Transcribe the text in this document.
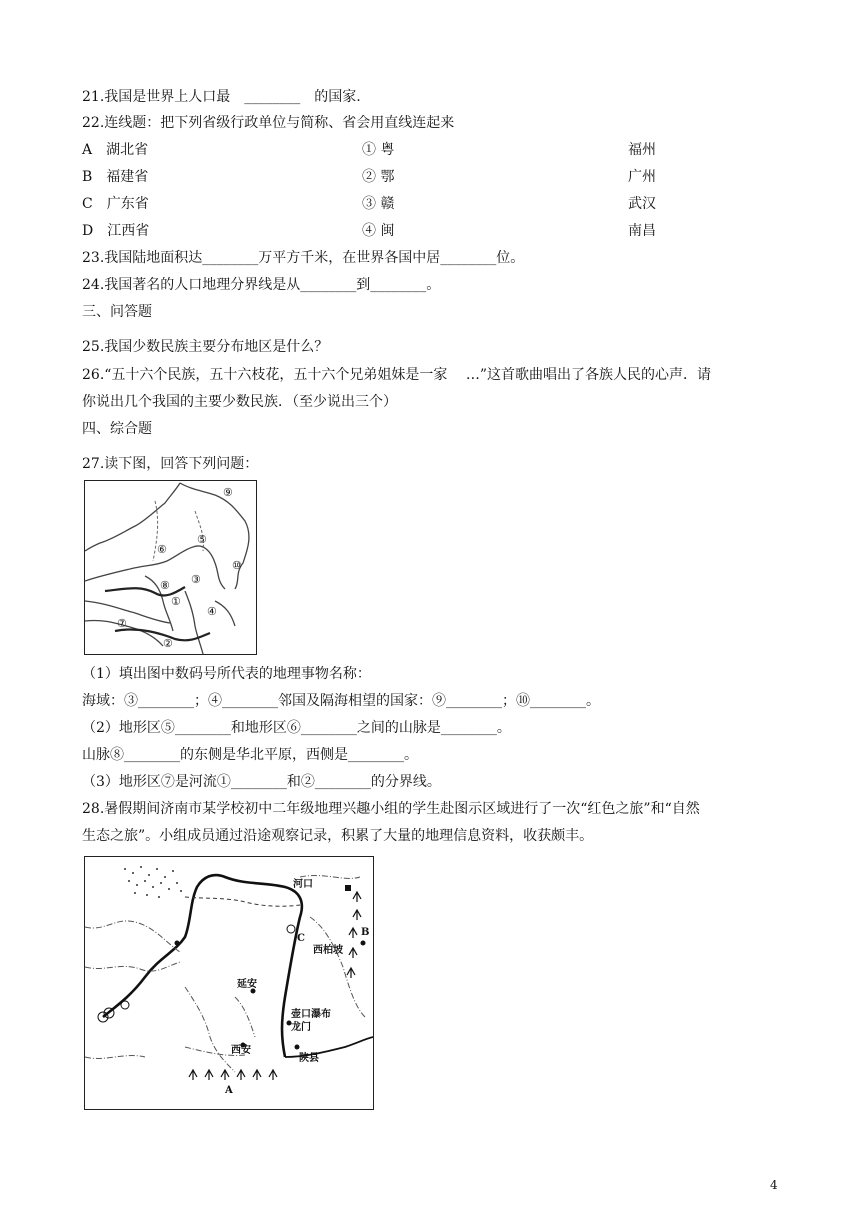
21.我国是世界上人口最　________　的国家.
22.连线题：把下列省级行政单位与简称、省会用直线连起来
A　湖北省	① 粤	福州
B　福建省	② 鄂	广州
C　广东省	③ 赣	武汉
D　江西省	④ 闽	南昌
23.我国陆地面积达________万平方千米，在世界各国中居________位。
24.我国著名的人口地理分界线是从________到________。
三、问答题
25.我国少数民族主要分布地区是什么？
26.“五十六个民族，五十六枝花，五十六个兄弟姐妹是一家　 …”这首歌曲唱出了各族人民的心声．请
你说出几个我国的主要少数民族．（至少说出三个）
四、综合题
27.读下图，回答下列问题：
⑨
⑤
⑥
③
⑧
⑩
①
④
⑦
②
（1）填出图中数码号所代表的地理事物名称：
海域：③________；④________邻国及隔海相望的国家：⑨________；⑩________。
（2）地形区⑤________和地形区⑥________之间的山脉是________。
山脉⑧________的东侧是华北平原，西侧是________。
（3）地形区⑦是河流①________和②________的分界线。
28.暑假期间济南市某学校初中二年级地理兴趣小组的学生赴图示区域进行了一次“红色之旅”和“自然
生态之旅”。小组成员通过沿途观察记录，积累了大量的地理信息资料，收获颇丰。
河口
西柏坡
B
C
延安
壶口瀑布
龙门
西安
陕县
A
4
